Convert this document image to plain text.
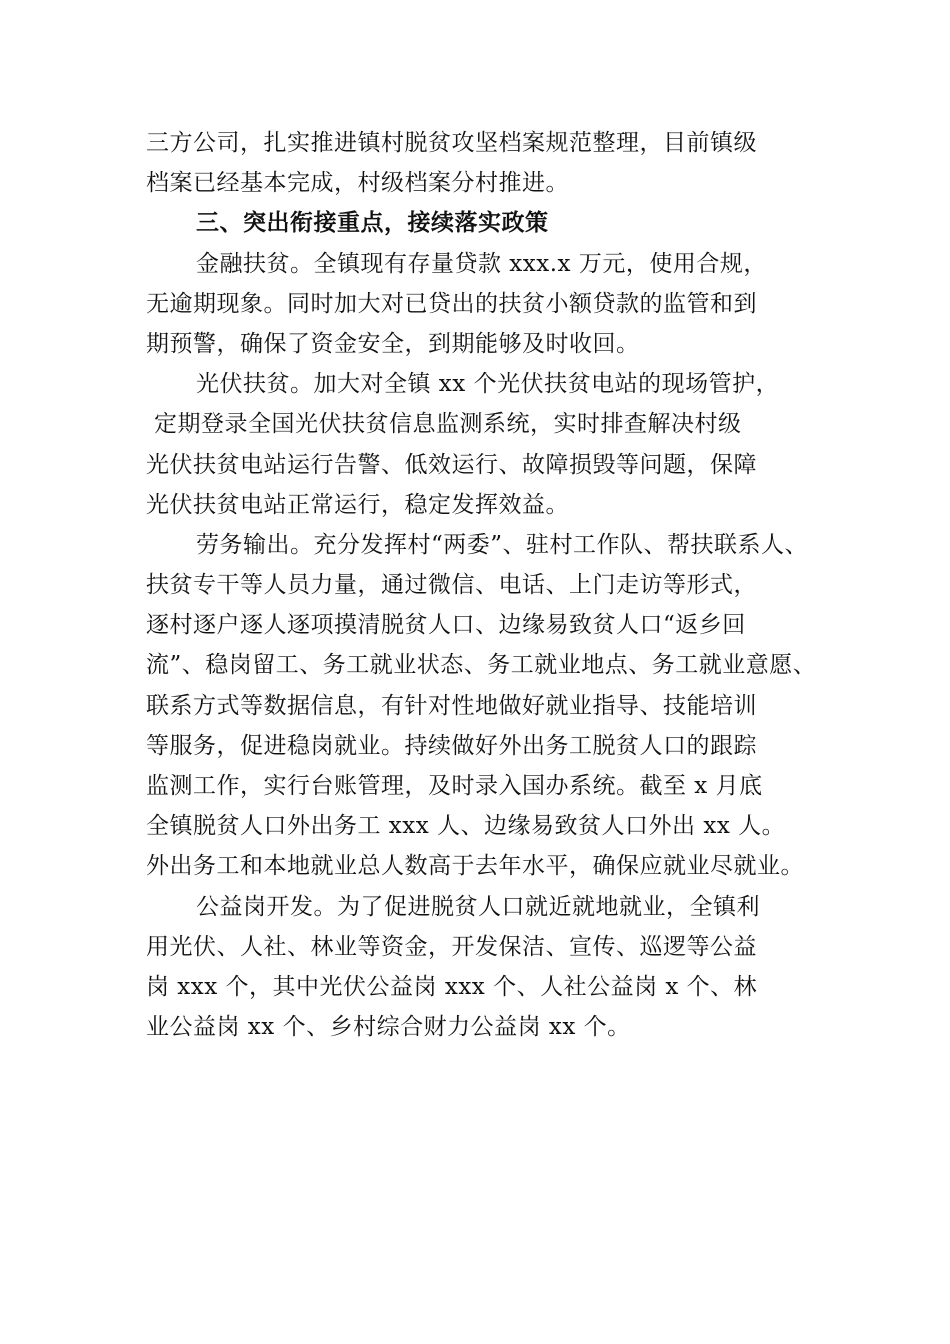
三方公司，扎实推进镇村脱贫攻坚档案规范整理，目前镇级
档案已经基本完成，村级档案分村推进。
三、突出衔接重点，接续落实政策
金融扶贫。全镇现有存量贷款 xxx.x 万元，使用合规，
无逾期现象。同时加大对已贷出的扶贫小额贷款的监管和到
期预警，确保了资金安全，到期能够及时收回。
光伏扶贫。加大对全镇 xx 个光伏扶贫电站的现场管护，
定期登录全国光伏扶贫信息监测系统，实时排查解决村级
光伏扶贫电站运行告警、低效运行、故障损毁等问题，保障
光伏扶贫电站正常运行，稳定发挥效益。
劳务输出。充分发挥村“两委”、驻村工作队、帮扶联系人、
扶贫专干等人员力量，通过微信、电话、上门走访等形式，
逐村逐户逐人逐项摸清脱贫人口、边缘易致贫人口“返乡回
流”、稳岗留工、务工就业状态、务工就业地点、务工就业意愿、
联系方式等数据信息，有针对性地做好就业指导、技能培训
等服务，促进稳岗就业。持续做好外出务工脱贫人口的跟踪
监测工作，实行台账管理，及时录入国办系统。截至 x 月底
全镇脱贫人口外出务工 xxx 人、边缘易致贫人口外出 xx 人。
外出务工和本地就业总人数高于去年水平，确保应就业尽就业。
公益岗开发。为了促进脱贫人口就近就地就业，全镇利
用光伏、人社、林业等资金，开发保洁、宣传、巡逻等公益
岗 xxx 个，其中光伏公益岗 xxx 个、人社公益岗 x 个、林
业公益岗 xx 个、乡村综合财力公益岗 xx 个。
